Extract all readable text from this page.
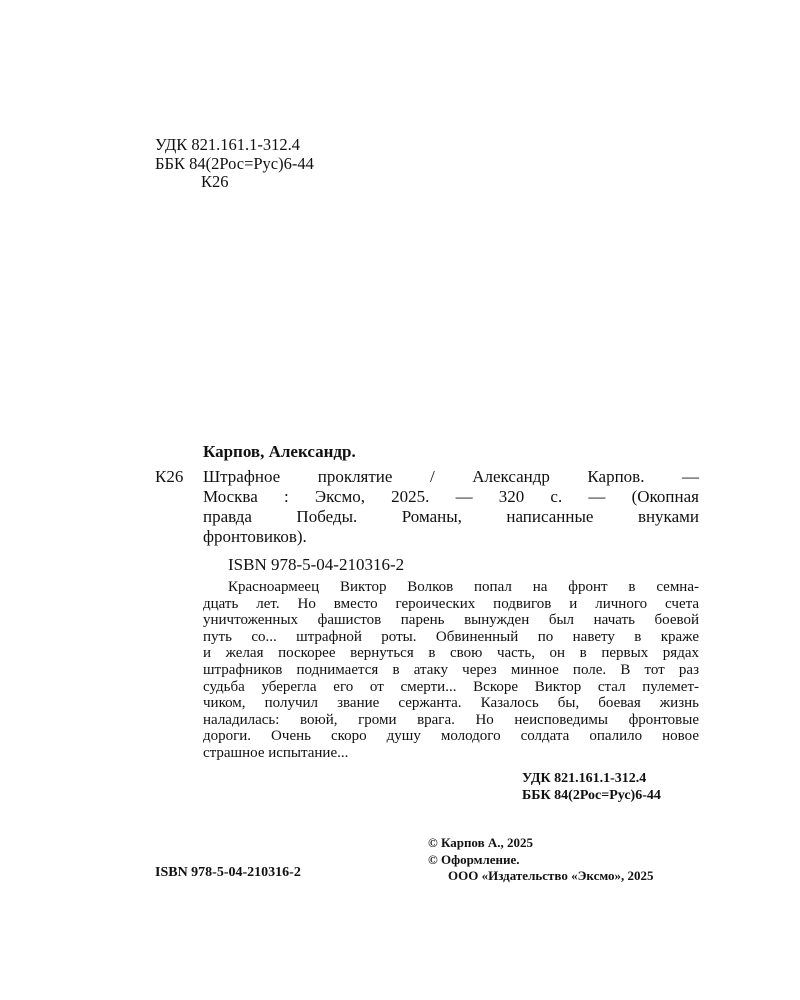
УДК 821.161.1-312.4
ББК 84(2Рос=Рус)6-44
К26
Карпов, Александр.
К26 Штрафное проклятие / Александр Карпов. —
Москва : Эксмо, 2025. — 320 с. — (Окопная
правда	Победы.	Романы,	написанные	внуками
фронтовиков).
ISBN 978-5-04-210316-2
Красноармеец Виктор Волков попал на фронт в семна-
дцать лет. Но вместо героических подвигов и личного счета
уничтоженных фашистов парень вынужден был начать боевой
путь со... штрафной роты. Обвиненный по навету в краже
и желая поскорее вернуться в свою часть, он в первых рядах
штрафников поднимается в атаку через минное поле. В тот раз
судьба уберегла его от смерти... Вскоре Виктор стал пулемет-
чиком, получил звание сержанта. Казалось бы, боевая жизнь
наладилась: воюй, громи врага. Но неисповедимы фронтовые
дороги. Очень скоро душу молодого солдата опалило новое
страшное испытание...
УДК 821.161.1-312.4
ББК 84(2Рос=Рус)6-44
© Карпов А., 2025
© Оформление.
ООО «Издательство «Эксмо», 2025
ISBN 978-5-04-210316-2
